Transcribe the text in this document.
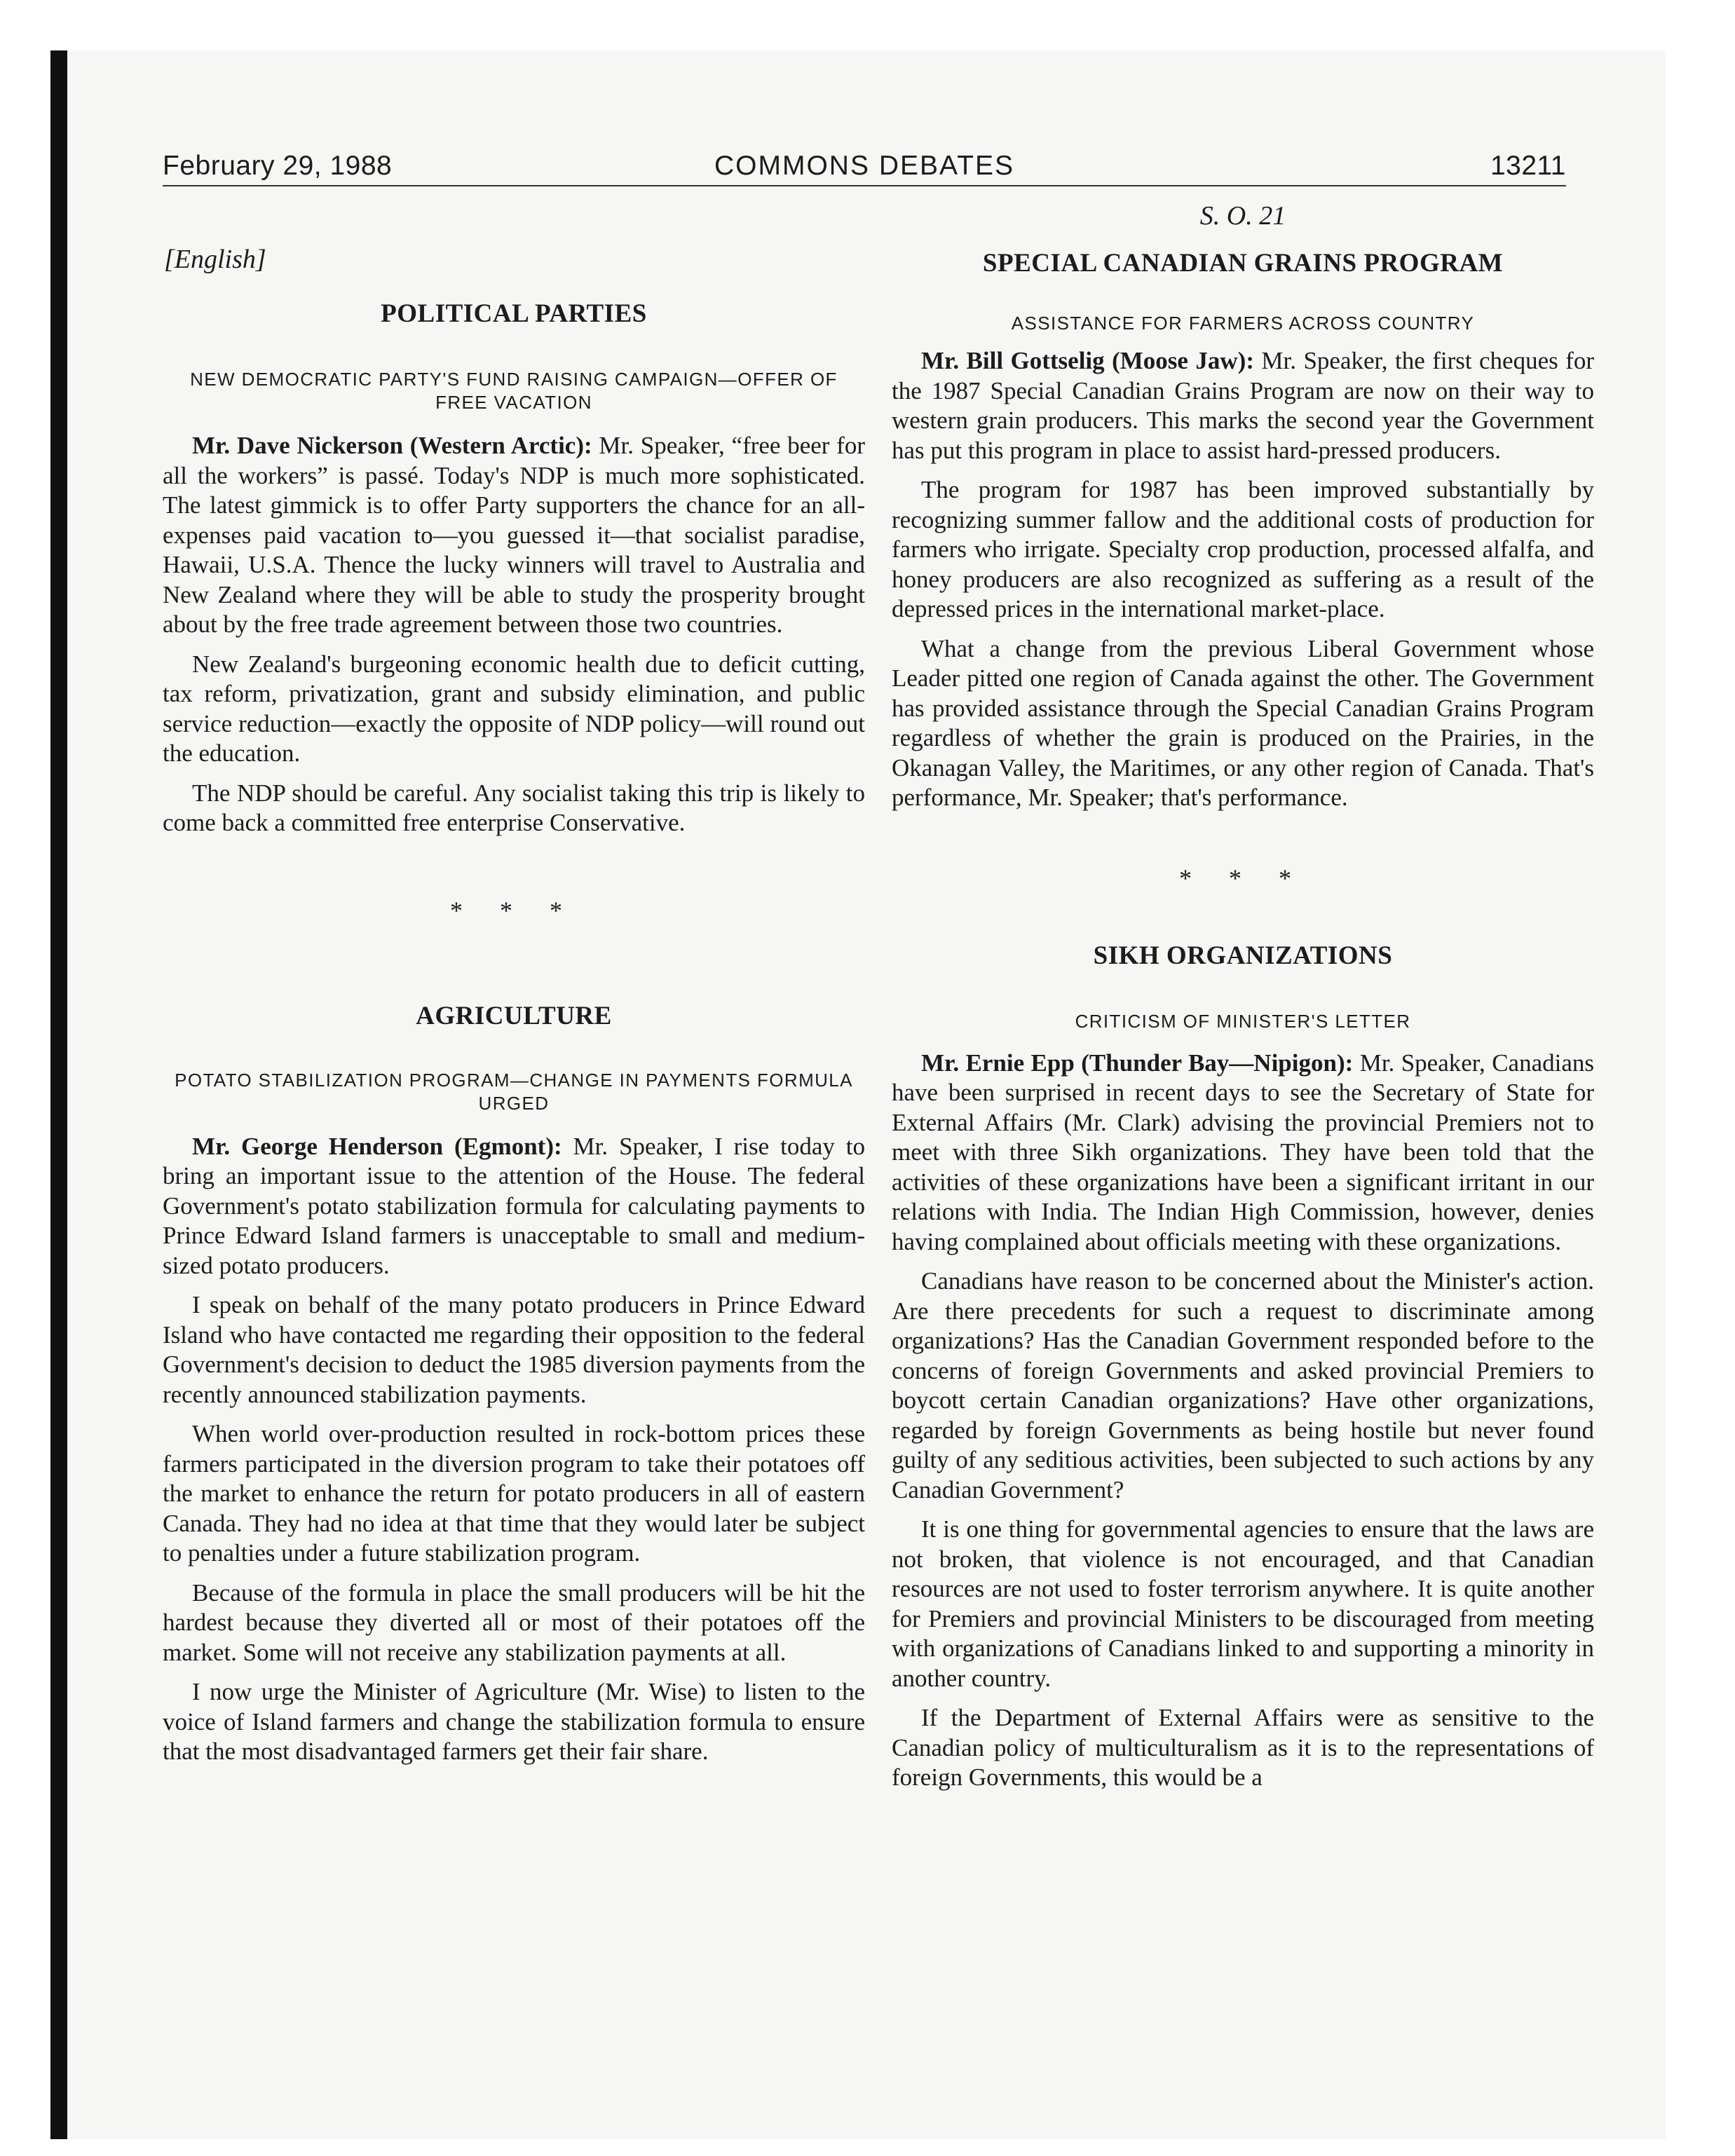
February 29, 1988	COMMONS DEBATES	13211
[English]
POLITICAL PARTIES
NEW DEMOCRATIC PARTY'S FUND RAISING CAMPAIGN—OFFER OF FREE VACATION

Mr. Dave Nickerson (Western Arctic): Mr. Speaker, “free beer for all the workers” is passé. Today's NDP is much more sophisticated. The latest gimmick is to offer Party supporters the chance for an all-expenses paid vacation to—you guessed it—that socialist paradise, Hawaii, U.S.A. Thence the lucky winners will travel to Australia and New Zealand where they will be able to study the prosperity brought about by the free trade agreement between those two countries.

New Zealand's burgeoning economic health due to deficit cutting, tax reform, privatization, grant and subsidy elimination, and public service reduction—exactly the opposite of NDP policy—will round out the education.

The NDP should be careful. Any socialist taking this trip is likely to come back a committed free enterprise Conservative.

* * *
AGRICULTURE
POTATO STABILIZATION PROGRAM—CHANGE IN PAYMENTS FORMULA URGED

Mr. George Henderson (Egmont): Mr. Speaker, I rise today to bring an important issue to the attention of the House. The federal Government's potato stabilization formula for calculating payments to Prince Edward Island farmers is unacceptable to small and medium-sized potato producers.

I speak on behalf of the many potato producers in Prince Edward Island who have contacted me regarding their opposition to the federal Government's decision to deduct the 1985 diversion payments from the recently announced stabilization payments.

When world over-production resulted in rock-bottom prices these farmers participated in the diversion program to take their potatoes off the market to enhance the return for potato producers in all of eastern Canada. They had no idea at that time that they would later be subject to penalties under a future stabilization program.

Because of the formula in place the small producers will be hit the hardest because they diverted all or most of their potatoes off the market. Some will not receive any stabilization payments at all.

I now urge the Minister of Agriculture (Mr. Wise) to listen to the voice of Island farmers and change the stabilization formula to ensure that the most disadvantaged farmers get their fair share.

S. O. 21
SPECIAL CANADIAN GRAINS PROGRAM
ASSISTANCE FOR FARMERS ACROSS COUNTRY

Mr. Bill Gottselig (Moose Jaw): Mr. Speaker, the first cheques for the 1987 Special Canadian Grains Program are now on their way to western grain producers. This marks the second year the Government has put this program in place to assist hard-pressed producers.

The program for 1987 has been improved substantially by recognizing summer fallow and the additional costs of production for farmers who irrigate. Specialty crop production, processed alfalfa, and honey producers are also recognized as suffering as a result of the depressed prices in the international market-place.

What a change from the previous Liberal Government whose Leader pitted one region of Canada against the other. The Government has provided assistance through the Special Canadian Grains Program regardless of whether the grain is produced on the Prairies, in the Okanagan Valley, the Maritimes, or any other region of Canada. That's performance, Mr. Speaker; that's performance.

* * *
SIKH ORGANIZATIONS
CRITICISM OF MINISTER'S LETTER

Mr. Ernie Epp (Thunder Bay—Nipigon): Mr. Speaker, Canadians have been surprised in recent days to see the Secretary of State for External Affairs (Mr. Clark) advising the provincial Premiers not to meet with three Sikh organizations. They have been told that the activities of these organizations have been a significant irritant in our relations with India. The Indian High Commission, however, denies having complained about officials meeting with these organizations.

Canadians have reason to be concerned about the Minister's action. Are there precedents for such a request to discriminate among organizations? Has the Canadian Government responded before to the concerns of foreign Governments and asked provincial Premiers to boycott certain Canadian organizations? Have other organizations, regarded by foreign Governments as being hostile but never found guilty of any seditious activities, been subjected to such actions by any Canadian Government?

It is one thing for governmental agencies to ensure that the laws are not broken, that violence is not encouraged, and that Canadian resources are not used to foster terrorism anywhere. It is quite another for Premiers and provincial Ministers to be discouraged from meeting with organizations of Canadians linked to and supporting a minority in another country.

If the Department of External Affairs were as sensitive to the Canadian policy of multiculturalism as it is to the representations of foreign Governments, this would be a
